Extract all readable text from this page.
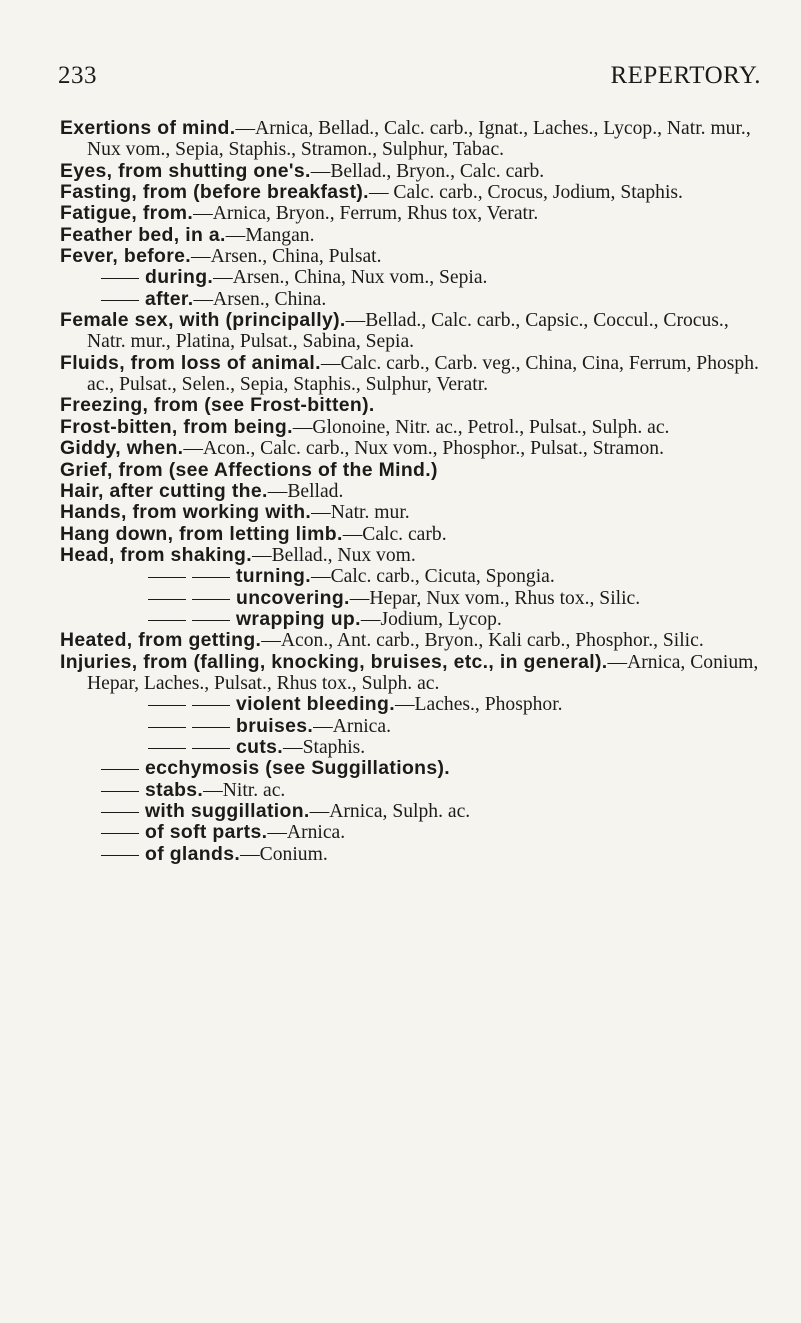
233	REPERTORY.
Exertions of mind.—Arnica, Bellad., Calc. carb., Ignat., Laches., Lycop., Natr. mur., Nux vom., Sepia, Staphis., Stramon., Sulphur, Tabac.
Eyes, from shutting one's.—Bellad., Bryon., Calc. carb.
Fasting, from (before breakfast).— Calc. carb., Crocus, Jodium, Staphis.
Fatigue, from.—Arnica, Bryon., Ferrum, Rhus tox, Veratr.
Feather bed, in a.—Mangan.
Fever, before.—Arsen., China, Pulsat.
during.—Arsen., China, Nux vom., Sepia.
after.—Arsen., China.
Female sex, with (principally).—Bellad., Calc. carb., Capsic., Coccul., Crocus., Natr. mur., Platina, Pulsat., Sabina, Sepia.
Fluids, from loss of animal.—Calc. carb., Carb. veg., China, Cina, Ferrum, Phosph. ac., Pulsat., Selen., Sepia, Staphis., Sulphur, Veratr.
Freezing, from (see Frost-bitten).
Frost-bitten, from being.—Glonoine, Nitr. ac., Petrol., Pulsat., Sulph. ac.
Giddy, when.—Acon., Calc. carb., Nux vom., Phosphor., Pulsat., Stramon.
Grief, from (see Affections of the Mind.)
Hair, after cutting the.—Bellad.
Hands, from working with.—Natr. mur.
Hang down, from letting limb.—Calc. carb.
Head, from shaking.—Bellad., Nux vom.
turning.—Calc. carb., Cicuta, Spongia.
uncovering.—Hepar, Nux vom., Rhus tox., Silic.
wrapping up.—Jodium, Lycop.
Heated, from getting.—Acon., Ant. carb., Bryon., Kali carb., Phosphor., Silic.
Injuries, from (falling, knocking, bruises, etc., in general).—Arnica, Conium, Hepar, Laches., Pulsat., Rhus tox., Sulph. ac.
violent bleeding.—Laches., Phosphor.
bruises.—Arnica.
cuts.—Staphis.
ecchymosis (see Suggillations).
stabs.—Nitr. ac.
with suggillation.—Arnica, Sulph. ac.
of soft parts.—Arnica.
of glands.—Conium.
